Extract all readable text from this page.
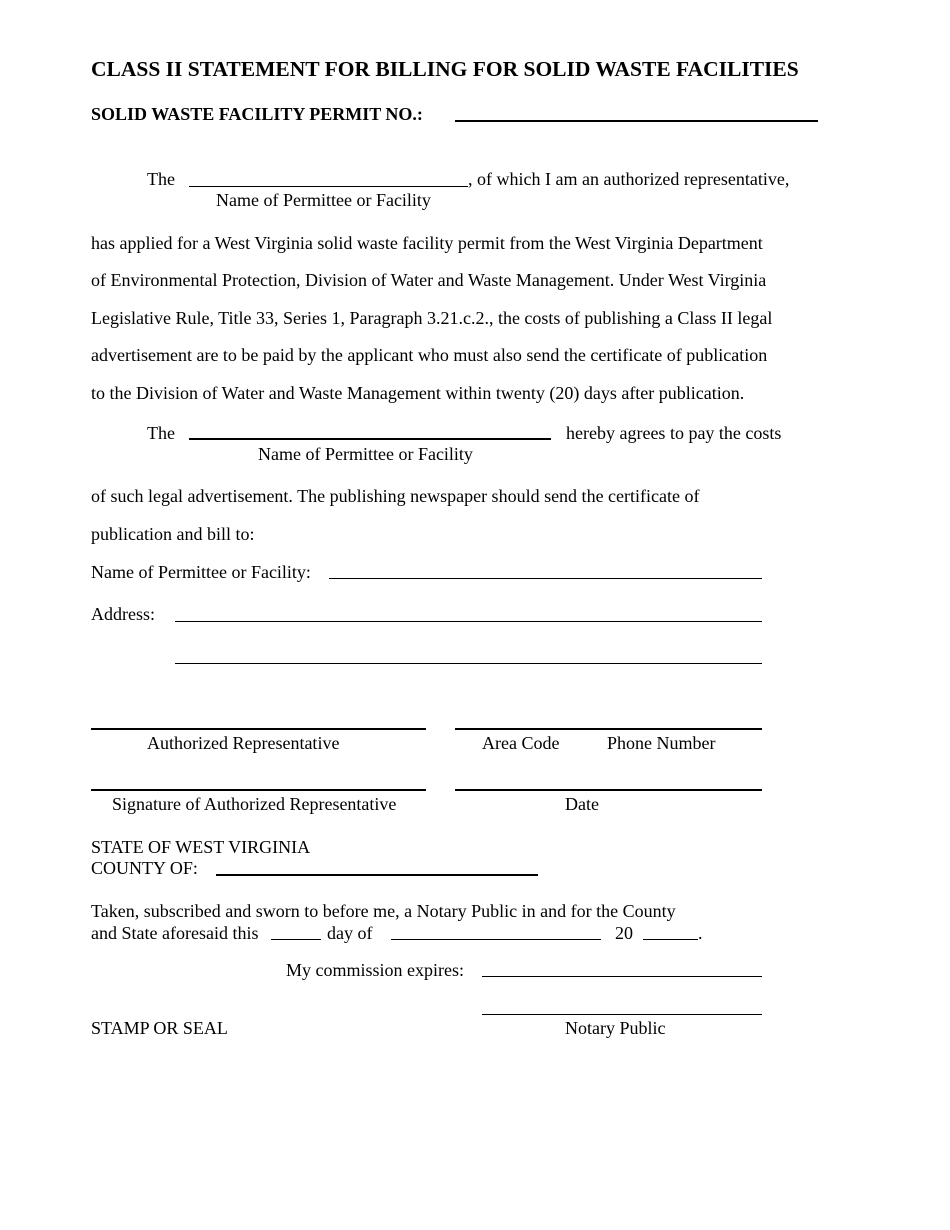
CLASS II STATEMENT FOR BILLING FOR SOLID WASTE FACILITIES
SOLID WASTE FACILITY PERMIT NO.:
The	, of which I am an authorized representative,
Name of Permittee or Facility
has applied for a West Virginia solid waste facility permit from the West Virginia Department
of Environmental Protection, Division of Water and Waste Management. Under West Virginia
Legislative Rule, Title 33, Series 1, Paragraph 3.21.c.2., the costs of publishing a Class II legal
advertisement are to be paid by the applicant who must also send the certificate of publication
to the Division of Water and Waste Management within twenty (20) days after publication.
The	hereby agrees to pay the costs
Name of Permittee or Facility
of such legal advertisement. The publishing newspaper should send the certificate of
publication and bill to:
Name of Permittee or Facility:
Address:
Authorized Representative	Area Code	Phone Number
Signature of Authorized Representative	Date
STATE OF WEST VIRGINIA
COUNTY OF:
Taken, subscribed and sworn to before me, a Notary Public in and for the County
and State aforesaid this	day of	20	.
My commission expires:
STAMP OR SEAL	Notary Public
